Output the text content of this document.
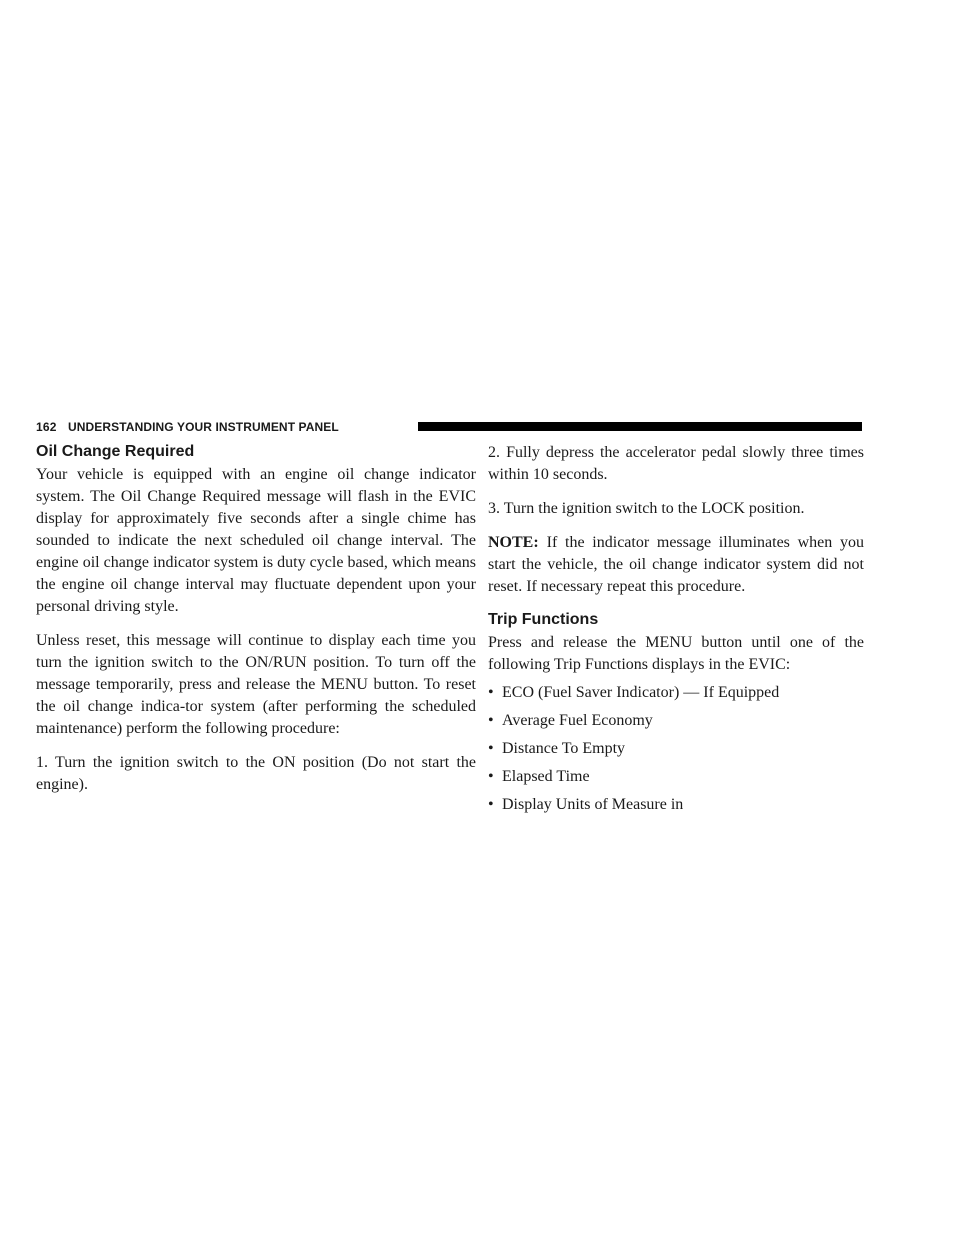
162 UNDERSTANDING YOUR INSTRUMENT PANEL
Oil Change Required

Your vehicle is equipped with an engine oil change indicator system. The Oil Change Required message will flash in the EVIC display for approximately five seconds after a single chime has sounded to indicate the next scheduled oil change interval. The engine oil change indicator system is duty cycle based, which means the engine oil change interval may fluctuate dependent upon your personal driving style.

Unless reset, this message will continue to display each time you turn the ignition switch to the ON/RUN position. To turn off the message temporarily, press and release the MENU button. To reset the oil change indica-tor system (after performing the scheduled maintenance) perform the following procedure:

1. Turn the ignition switch to the ON position (Do not start the engine).

2. Fully depress the accelerator pedal slowly three times within 10 seconds.

3. Turn the ignition switch to the LOCK position.

NOTE: If the indicator message illuminates when you start the vehicle, the oil change indicator system did not reset. If necessary repeat this procedure.

Trip Functions

Press and release the MENU button until one of the following Trip Functions displays in the EVIC:

• ECO (Fuel Saver Indicator) — If Equipped
• Average Fuel Economy
• Distance To Empty
• Elapsed Time
• Display Units of Measure in
